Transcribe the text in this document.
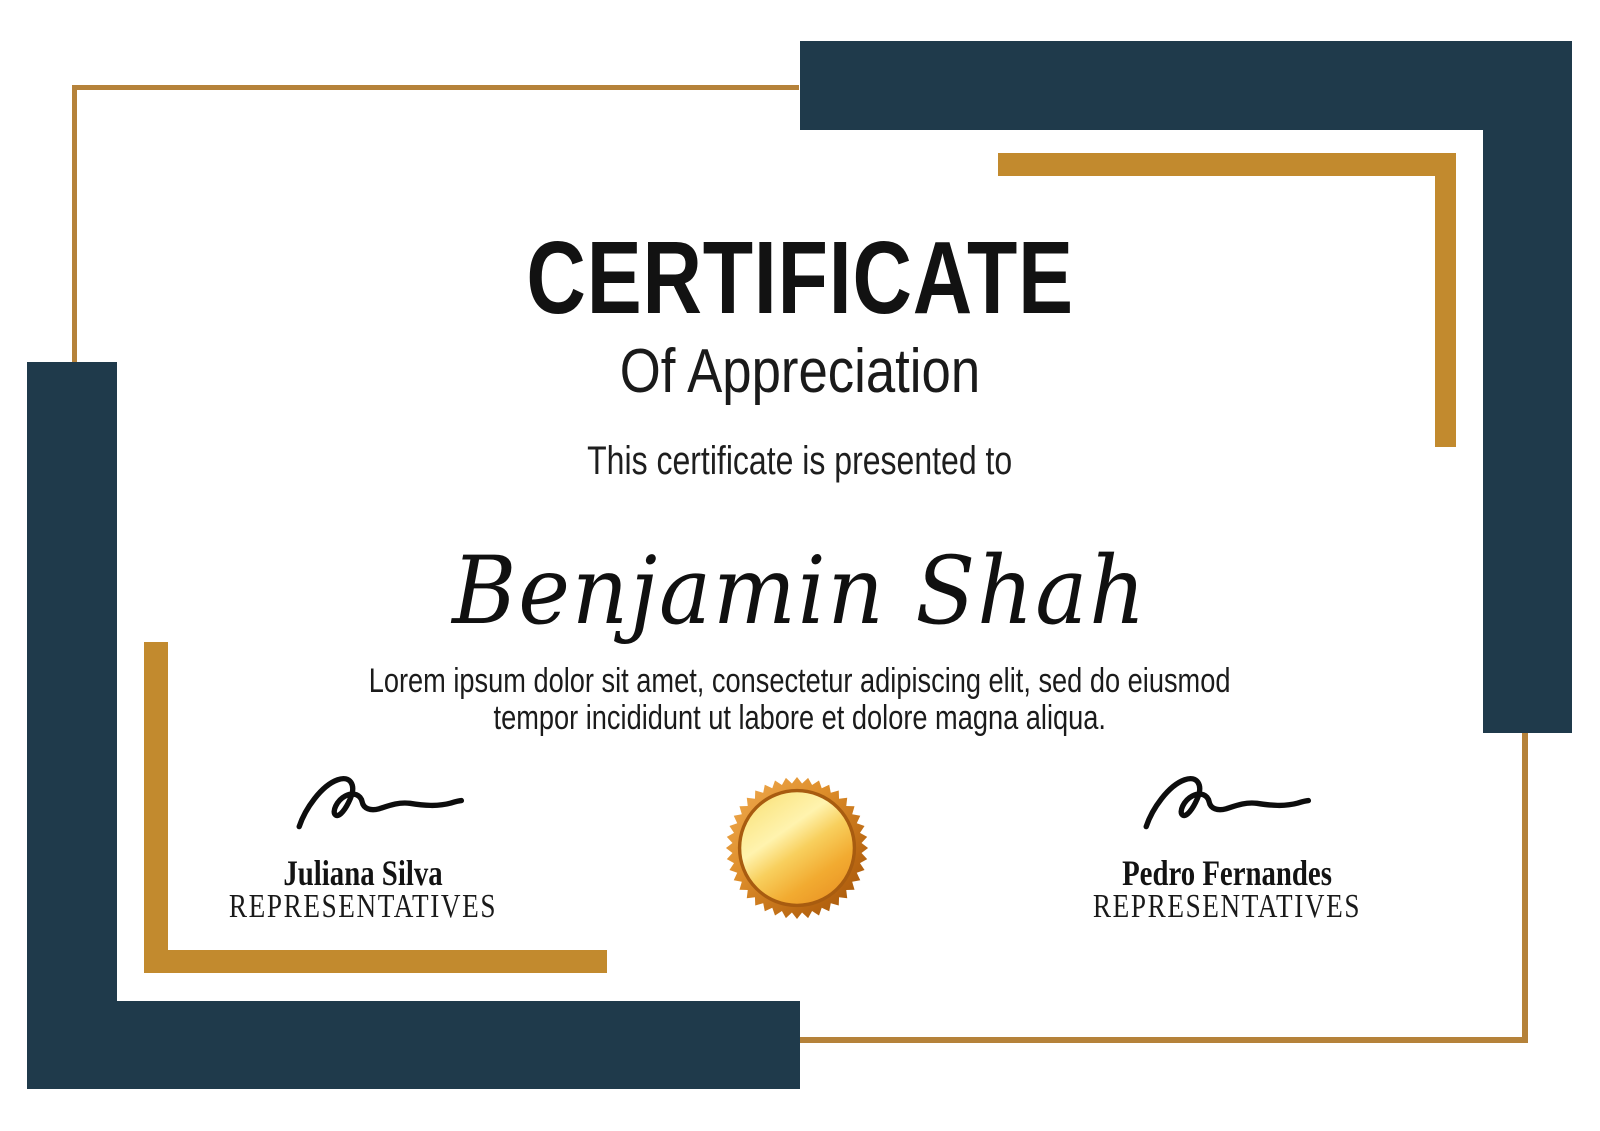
CERTIFICATE
Of Appreciation
This certificate is presented to
Benjamin Shah
Lorem ipsum dolor sit amet, consectetur adipiscing elit, sed do eiusmod
tempor incididunt ut labore et dolore magna aliqua.
Juliana Silva
REPRESENTATIVES
Pedro Fernandes
REPRESENTATIVES
